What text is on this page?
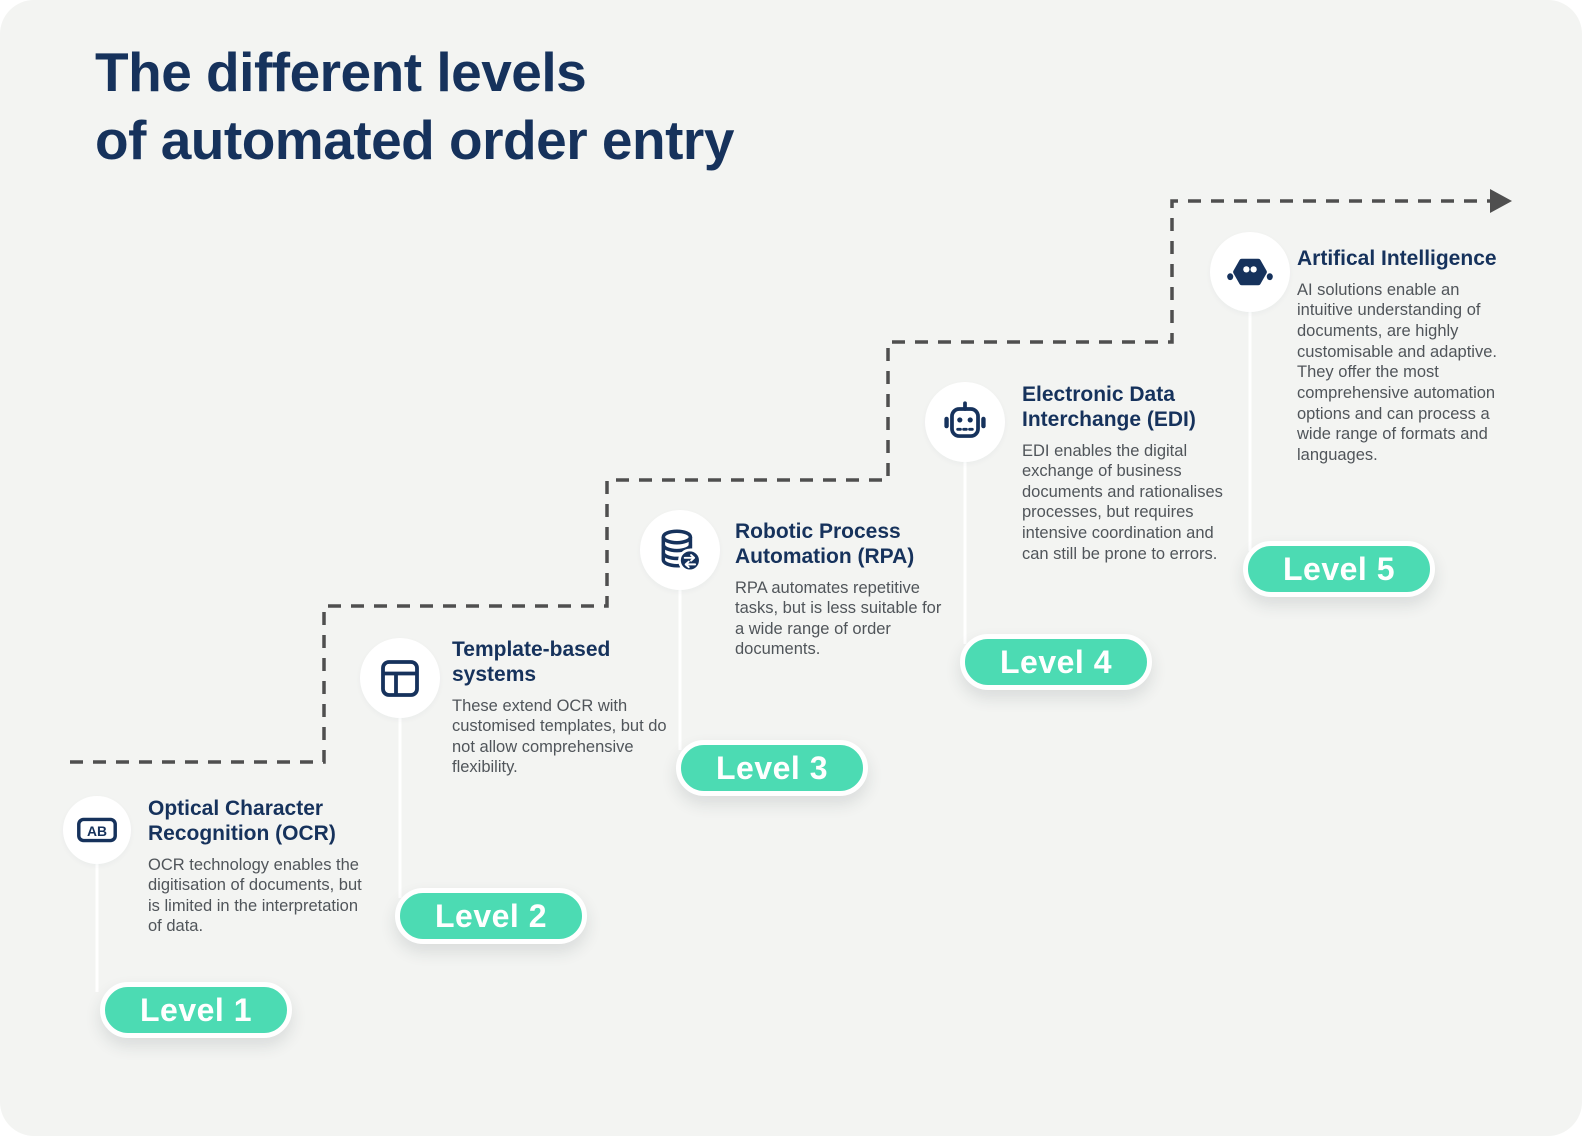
The different levels
of automated order entry
AB
Optical Character Recognition (OCR)

OCR technology enables the digitisation of documents, but is limited in the interpretation of data.

Level 1
Template-based systems

These extend OCR with customised templates, but do not allow comprehensive flexibility.

Level 2
Robotic Process Automation (RPA)

RPA automates repetitive tasks, but is less suitable for a wide range of order documents.

Level 3
Electronic Data Interchange (EDI)

EDI enables the digital exchange of business documents and rationalises processes, but requires intensive coordination and can still be prone to errors.

Level 4
Artifical Intelligence

AI solutions enable an intuitive understanding of documents, are highly customisable and adaptive. They offer the most comprehensive automation options and can process a wide range of formats and languages.

Level 5
